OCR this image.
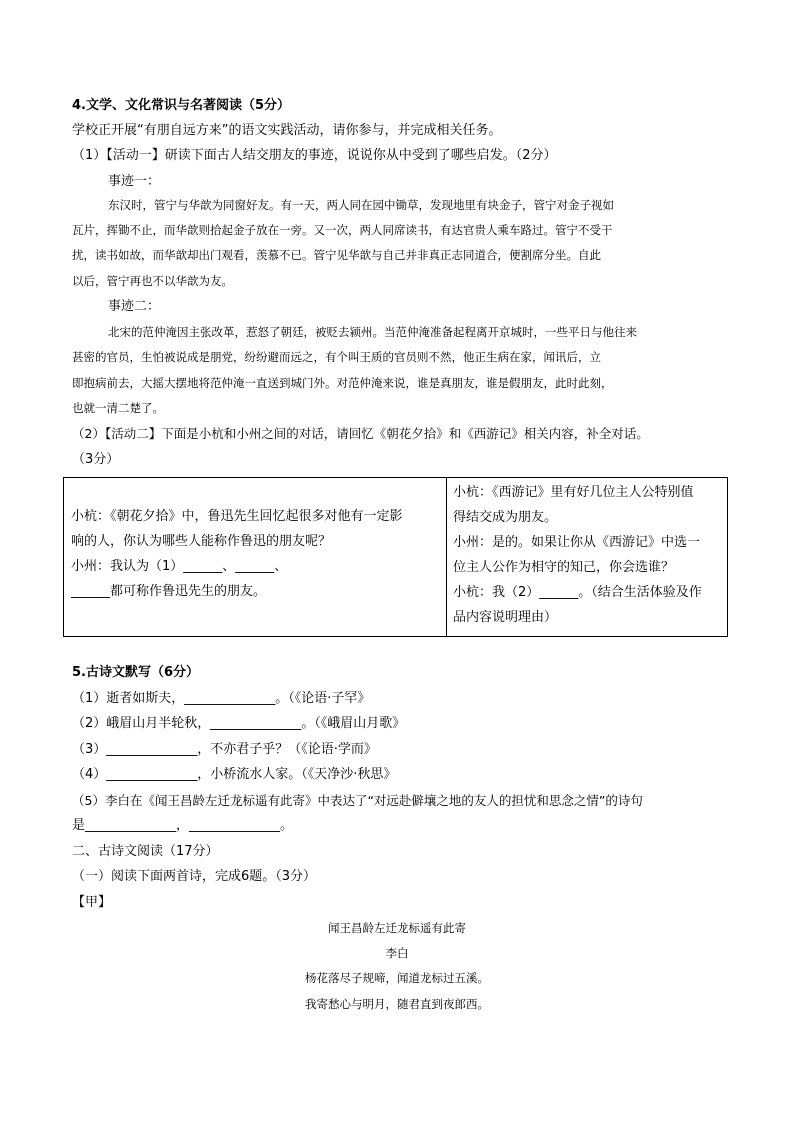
4.文学、文化常识与名著阅读（5分）
学校正开展“有朋自远方来”的语文实践活动，请你参与，并完成相关任务。
（1）【活动一】研读下面古人结交朋友的事迹，说说你从中受到了哪些启发。（2分）
事迹一：
东汉时，管宁与华歆为同窗好友。有一天，两人同在园中锄草，发现地里有块金子，管宁对金子视如
瓦片，挥锄不止，而华歆则拾起金子放在一旁。又一次，两人同席读书，有达官贵人乘车路过。管宁不受干
扰，读书如故，而华歆却出门观看，羡慕不已。管宁见华歆与自己并非真正志同道合，便割席分坐。自此
以后，管宁再也不以华歆为友。
事迹二：
北宋的范仲淹因主张改革，惹怒了朝廷，被贬去颍州。当范仲淹准备起程离开京城时，一些平日与他往来
甚密的官员，生怕被说成是朋党，纷纷避而远之，有个叫王质的官员则不然，他正生病在家，闻讯后，立
即抱病前去，大摇大摆地将范仲淹一直送到城门外。对范仲淹来说，谁是真朋友，谁是假朋友，此时此刻，
也就一清二楚了。
（2）【活动二】下面是小杭和小州之间的对话，请回忆《朝花夕拾》和《西游记》相关内容，补全对话。
（3分）
小杭：《朝花夕拾》中，鲁迅先生回忆起很多对他有一定影
响的人，你认为哪些人能称作鲁迅的朋友呢？
小州：我认为（1）______、______、
______都可称作鲁迅先生的朋友。
小杭：《西游记》里有好几位主人公特别值
得结交成为朋友。
小州：是的。如果让你从《西游记》中选一
位主人公作为相守的知己，你会选谁？
小杭：我（2）______。（结合生活体验及作
品内容说明理由）
5.古诗文默写（6分）
（1）逝者如斯夫，______________。（《论语·子罕》
（2）峨眉山月半轮秋，______________。（《峨眉山月歌》
（3）______________，不亦君子乎？（《论语·学而》
（4）______________，小桥流水人家。（《天净沙·秋思》
（5）李白在《闻王昌龄左迁龙标遥有此寄》中表达了“对远赴僻壤之地的友人的担忧和思念之情”的诗句
是______________，______________。
二、古诗文阅读（17分）
（一）阅读下面两首诗，完成6题。（3分）
【甲】
闻王昌龄左迁龙标遥有此寄
李白
杨花落尽子规啼，闻道龙标过五溪。
我寄愁心与明月，随君直到夜郎西。
